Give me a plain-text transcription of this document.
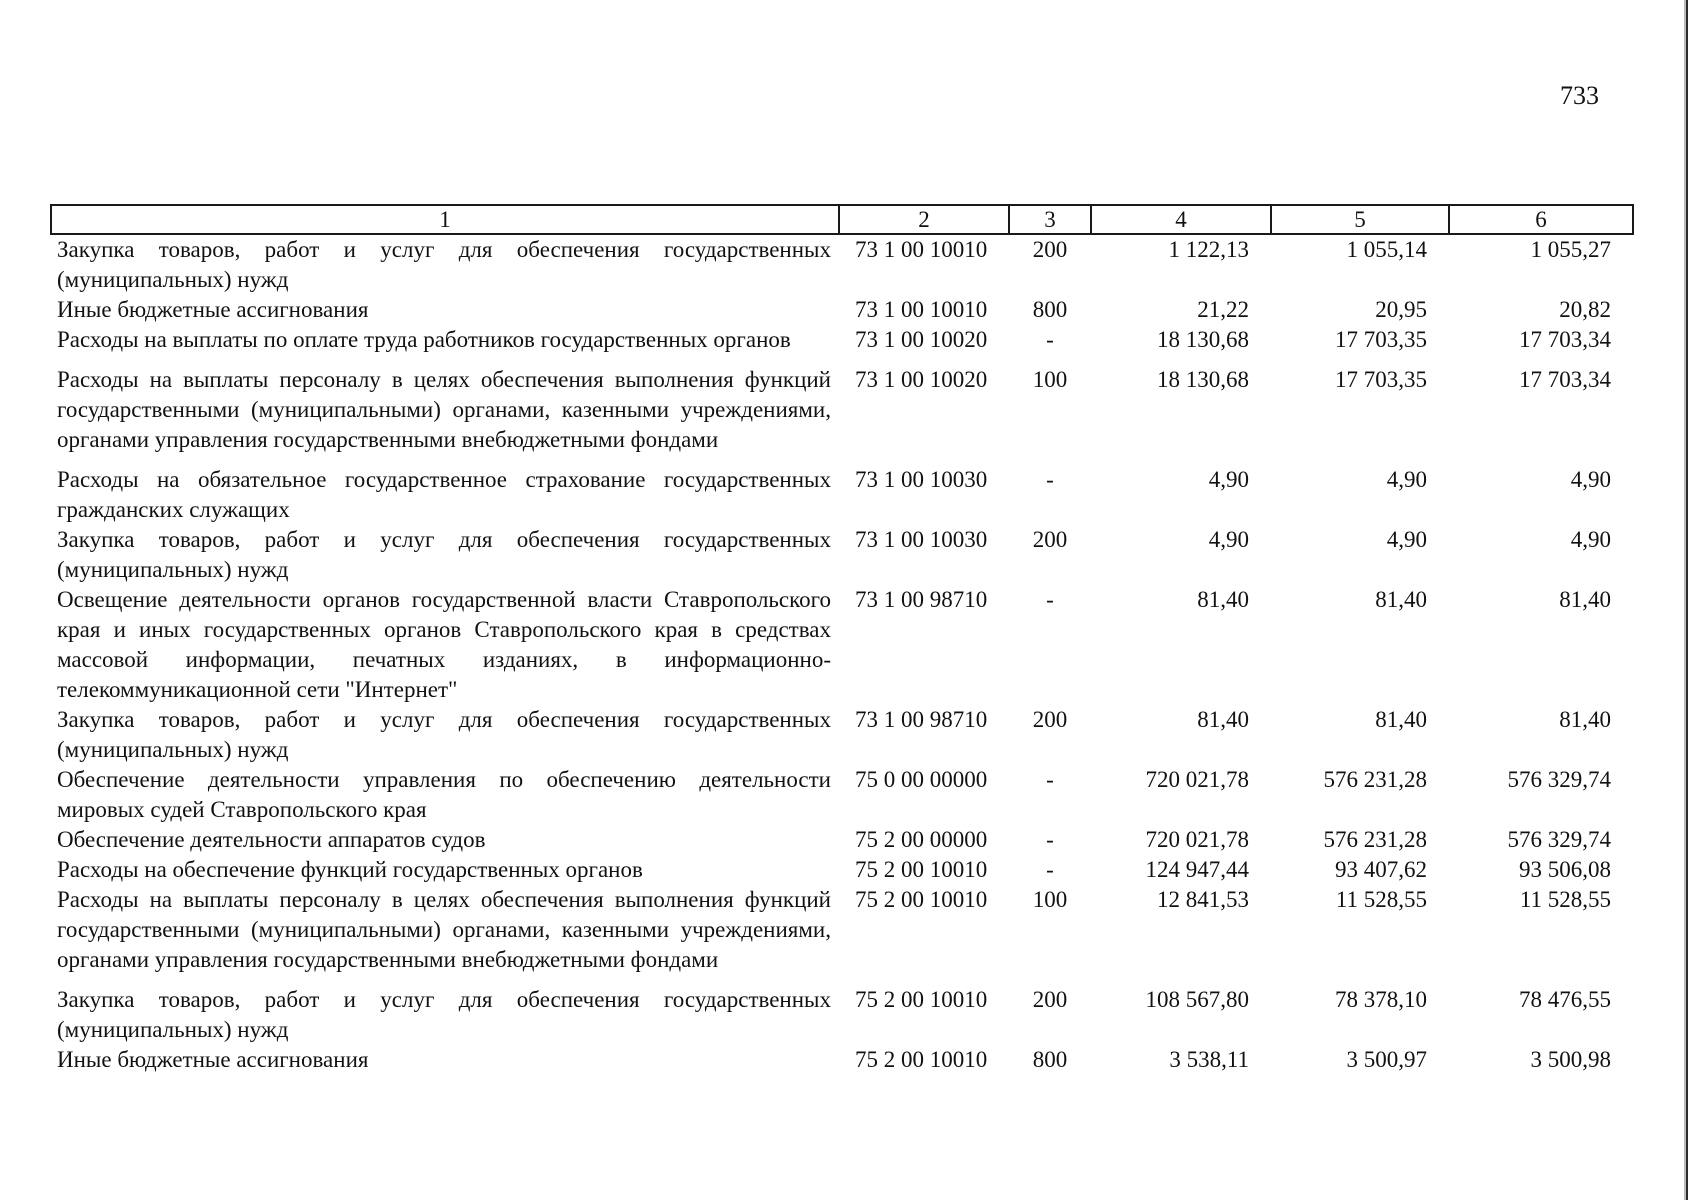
733
1	2	3	4	5	6
Закупка товаров, работ и услуг для обеспечения государственных (муниципальных) нужд	73 1 00 10010	200	1 122,13	1 055,14	1 055,27
Иные бюджетные ассигнования	73 1 00 10010	800	21,22	20,95	20,82
Расходы на выплаты по оплате труда работников государственных органов	73 1 00 10020	-	18 130,68	17 703,35	17 703,34
Расходы на выплаты персоналу в целях обеспечения выполнения функций государственными (муниципальными) органами, казенными учреждениями, органами управления государственными внебюджетными фондами	73 1 00 10020	100	18 130,68	17 703,35	17 703,34
Расходы на обязательное государственное страхование государственных гражданских служащих	73 1 00 10030	-	4,90	4,90	4,90
Закупка товаров, работ и услуг для обеспечения государственных (муниципальных) нужд	73 1 00 10030	200	4,90	4,90	4,90
Освещение деятельности органов государственной власти Ставропольского края и иных государственных органов Ставропольского края в средствах массовой информации, печатных изданиях, в информационно-телекоммуникационной сети "Интернет"	73 1 00 98710	-	81,40	81,40	81,40
Закупка товаров, работ и услуг для обеспечения государственных (муниципальных) нужд	73 1 00 98710	200	81,40	81,40	81,40
Обеспечение деятельности управления по обеспечению деятельности мировых судей Ставропольского края	75 0 00 00000	-	720 021,78	576 231,28	576 329,74
Обеспечение деятельности аппаратов судов	75 2 00 00000	-	720 021,78	576 231,28	576 329,74
Расходы на обеспечение функций государственных органов	75 2 00 10010	-	124 947,44	93 407,62	93 506,08
Расходы на выплаты персоналу в целях обеспечения выполнения функций государственными (муниципальными) органами, казенными учреждениями, органами управления государственными внебюджетными фондами	75 2 00 10010	100	12 841,53	11 528,55	11 528,55
Закупка товаров, работ и услуг для обеспечения государственных (муниципальных) нужд	75 2 00 10010	200	108 567,80	78 378,10	78 476,55
Иные бюджетные ассигнования	75 2 00 10010	800	3 538,11	3 500,97	3 500,98
